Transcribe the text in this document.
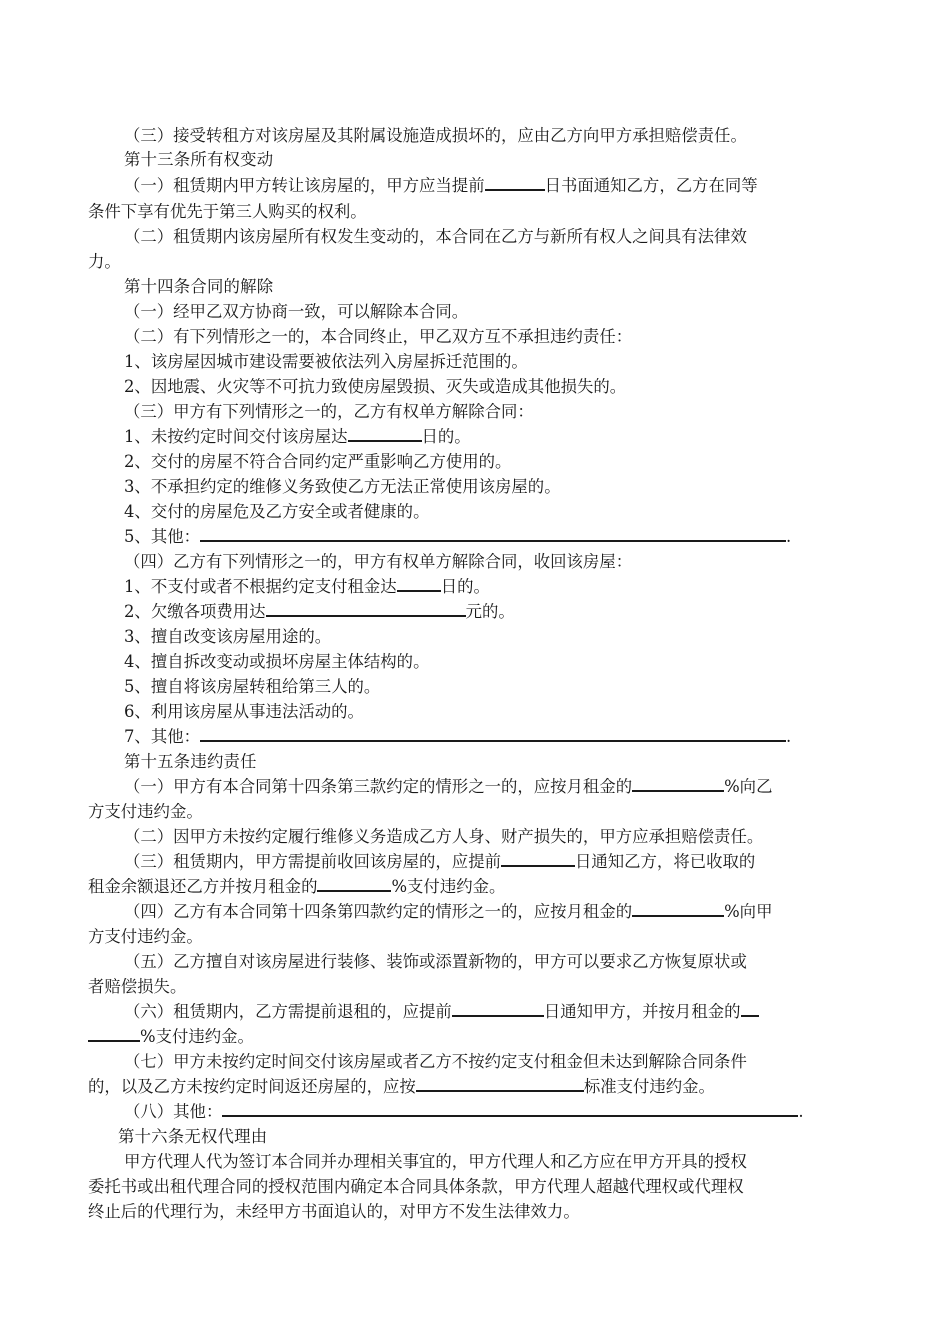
（三）接受转租方对该房屋及其附属设施造成损坏的，应由乙方向甲方承担赔偿责任。
第十三条所有权变动
（一）租赁期内甲方转让该房屋的，甲方应当提前	日书面通知乙方，乙方在同等
条件下享有优先于第三人购买的权利。
（二）租赁期内该房屋所有权发生变动的，本合同在乙方与新所有权人之间具有法律效
力。
第十四条合同的解除
（一）经甲乙双方协商一致，可以解除本合同。
（二）有下列情形之一的，本合同终止，甲乙双方互不承担违约责任：
1、该房屋因城市建设需要被依法列入房屋拆迁范围的。
2、因地震、火灾等不可抗力致使房屋毁损、灭失或造成其他损失的。
（三）甲方有下列情形之一的，乙方有权单方解除合同：
1、未按约定时间交付该房屋达	日的。
2、交付的房屋不符合合同约定严重影响乙方使用的。
3、不承担约定的维修义务致使乙方无法正常使用该房屋的。
4、交付的房屋危及乙方安全或者健康的。
5、其他：	.
（四）乙方有下列情形之一的，甲方有权单方解除合同，收回该房屋：
1、不支付或者不根据约定支付租金达	日的。
2、欠缴各项费用达	元的。
3、擅自改变该房屋用途的。
4、擅自拆改变动或损坏房屋主体结构的。
5、擅自将该房屋转租给第三人的。
6、利用该房屋从事违法活动的。
7、其他：	.
第十五条违约责任
（一）甲方有本合同第十四条第三款约定的情形之一的，应按月租金的	%向乙
方支付违约金。
（二）因甲方未按约定履行维修义务造成乙方人身、财产损失的，甲方应承担赔偿责任。
（三）租赁期内，甲方需提前收回该房屋的，应提前	日通知乙方，将已收取的
租金余额退还乙方并按月租金的	%支付违约金。
（四）乙方有本合同第十四条第四款约定的情形之一的，应按月租金的	%向甲
方支付违约金。
（五）乙方擅自对该房屋进行装修、装饰或添置新物的，甲方可以要求乙方恢复原状或
者赔偿损失。
（六）租赁期内，乙方需提前退租的，应提前	日通知甲方，并按月租金的
%支付违约金。
（七）甲方未按约定时间交付该房屋或者乙方不按约定支付租金但未达到解除合同条件
的，以及乙方未按约定时间返还房屋的，应按	标准支付违约金。
（八）其他：	.
第十六条无权代理由
甲方代理人代为签订本合同并办理相关事宜的，甲方代理人和乙方应在甲方开具的授权
委托书或出租代理合同的授权范围内确定本合同具体条款，甲方代理人超越代理权或代理权
终止后的代理行为，未经甲方书面追认的，对甲方不发生法律效力。
